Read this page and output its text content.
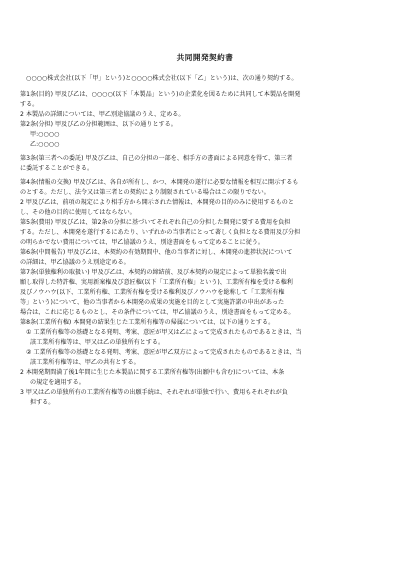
共同開発契約書

○○○○株式会社(以下「甲」という)と○○○○株式会社(以下「乙」という)は、次の通り契約する。

第1条(目的) 甲及び乙は、○○○○(以下「本製品」という)の企業化を図るために共同して本製品を開発

する。

2 本製品の詳細については、甲乙別途協議のうえ、定める。

第2条(分担) 甲及び乙の分担範囲は、以下の通りとする。

甲:○○○○

乙:○○○○

第3条(第三者への委託) 甲及び乙は、自己の分担の一部を、相手方の書面による同意を得て、第三者

に委託することができる。

第4条(情報の交換) 甲及び乙は、各自が所有し、かつ、本開発の遂行に必要な情報を相互に開示するも

のとする。ただし、法令又は第三者との契約により制限されている場合はこの限りでない。

2 甲及び乙は、前項の規定により相手方から開示された情報は、本開発の目的のみに使用するものと

し、その他の目的に使用してはならない。

第5条(費用) 甲及び乙は、第2条の分担に基づいてそれぞれ自己の分担した開発に要する費用を負担

する。ただし、本開発を遂行するにあたり、いずれかの当事者にとって著しく負担となる費用及び分担

の明らかでない費用については、甲乙協議のうえ、別途書面をもって定めることに従う。

第6条(中間報告) 甲及び乙は、本契約の有効期間中、他の当事者に対し、本開発の進捗状況について

の詳細は、甲乙協議のうえ別途定める。

第7条(単独権利の取扱い) 甲及び乙は、本契約の締結前、及び本契約の規定によって単独名義で出

願し取得した特許権、実用新案権及び意匠権(以下「工業所有権」という)、工業所有権を受ける権利

及びノウハウ(以下、工業所有権、工業所有権を受ける権利及びノウハウを総称して「工業所有権

等」という)について、他の当事者から本開発の成果の実施を目的として実施許諾の申出があった

場合は、これに応じるものとし、その条件については、甲乙協議のうえ、別途書面をもって定める。

第8条(工業所有権) 本開発の結果生じた工業所有権等の帰属については、以下の通りとする。

① 工業所有権等の基礎となる発明、考案、意匠が甲又は乙によって完成されたものであるときは、当

該工業所有権等は、甲又は乙の単独所有とする。

② 工業所有権等の基礎となる発明、考案、意匠が甲乙双方によって完成されたものであるときは、当

該工業所有権等は、甲乙の共有とする。

2 本開発期間満了後1年間に生じた本製品に関する工業所有権等(出願中も含む)については、本条

の規定を適用する。

3 甲又は乙の単独所有の工業所有権等の出願手続は、それぞれが単独で行い、費用もそれぞれが負

担する。
